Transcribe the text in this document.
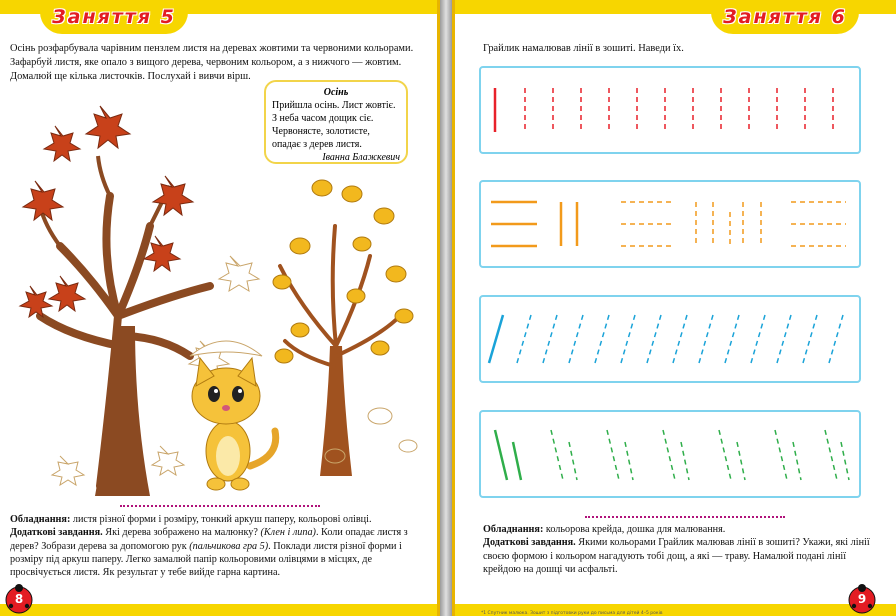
Заняття 5
Осінь розфарбувала чарівним пензлем листя на деревах жовтими та червоними кольорами. Зафарбуй листя, яке опало з вищого дерева, червоним кольором, а з нижчого — жовтим. Домалюй ще кілька листочків. Послухай і вивчи вірш.
Осінь
Прийшла осінь. Лист жовтіє.
З неба часом дощик сіє.
Червонясте, золотисте,
опадає з дерев листя.
Іванна Блажкевич
Обладнання: листя різної форми і розміру, тонкий аркуш паперу, кольорові олівці.
Додаткові завдання. Які дерева зображено на малюнку? (Клен і липа). Коли опадає листя з дерев? Зобрази дерева за допомогою рук (пальчикова гра 5). Поклади листя різної форми і розміру під аркуш паперу. Легко замалюй папір кольоровими олівцями в місцях, де просвічується листя. Як результат у тебе вийде гарна картина.
8
Заняття 6
Грайлик намалював лінії в зошиті. Наведи їх.
Обладнання: кольорова крейда, дошка для малювання.
Додаткові завдання. Якими кольорами Грайлик малював лінії в зошиті? Укажи, які лінії своєю формою і кольором нагадують тобі дощ, а які — траву. Намалюй подані лінії крейдою на дошці чи асфальті.
*1 Спутник малюка. Зошит з підготовки руки до письма для дітей 4–5 років
9
